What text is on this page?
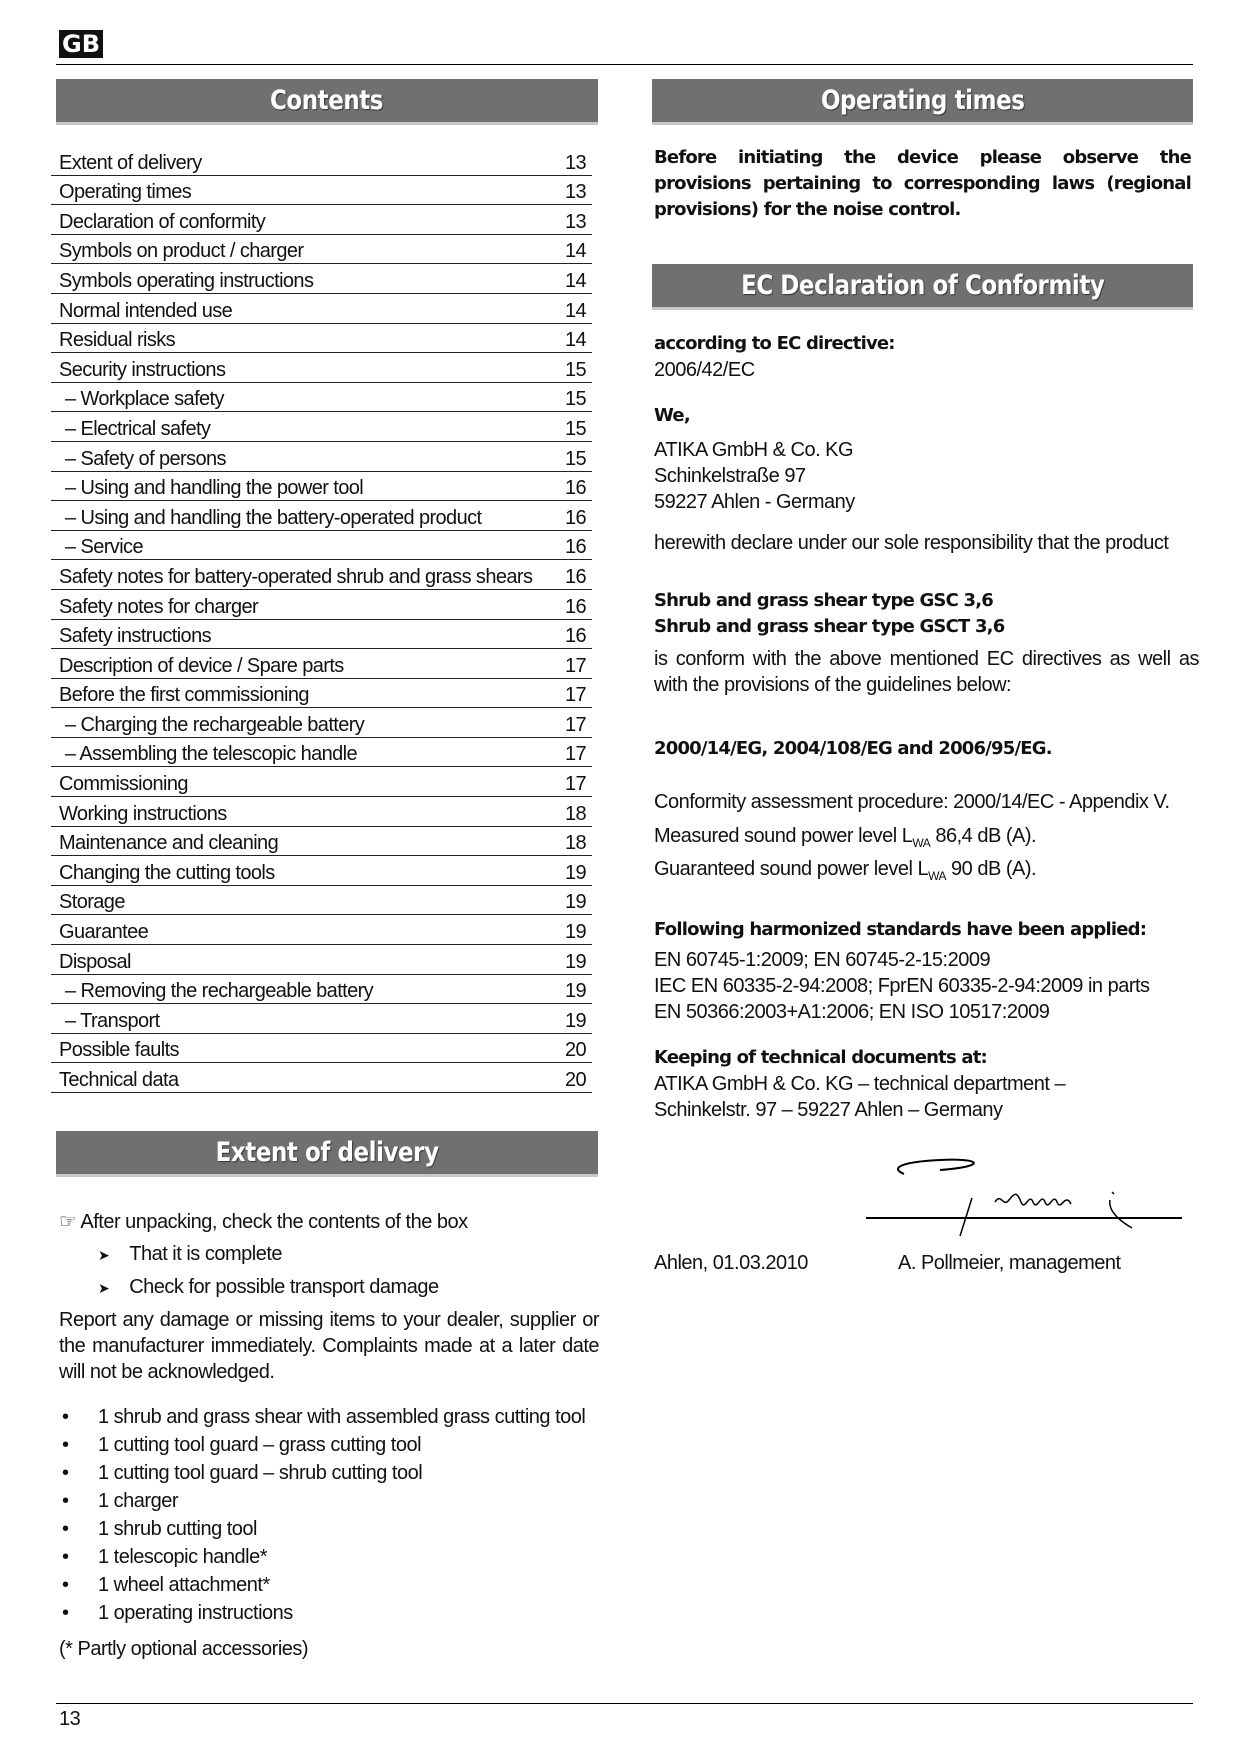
GB
Contents
Extent of delivery	13
Operating times	13
Declaration of conformity	13
Symbols on product / charger	14
Symbols operating instructions	14
Normal intended use	14
Residual risks	14
Security instructions	15
– Workplace safety	15
– Electrical safety	15
– Safety of persons	15
– Using and handling the power tool	16
– Using and handling the battery-operated product	16
– Service	16
Safety notes for battery-operated shrub and grass shears 16
Safety notes for charger	16
Safety instructions	16
Description of device / Spare parts	17
Before the first commissioning	17
– Charging the rechargeable battery	17
– Assembling the telescopic handle	17
Commissioning	17
Working instructions	18
Maintenance and cleaning	18
Changing the cutting tools	19
Storage	19
Guarantee	19
Disposal	19
– Removing the rechargeable battery	19
– Transport	19
Possible faults	20
Technical data	20
Extent of delivery
☞ After unpacking, check the contents of the box
➤ That it is complete
➤ Check for possible transport damage
Report any damage or missing items to your dealer, supplier or the manufacturer immediately. Complaints made at a later date will not be acknowledged.
• 1 shrub and grass shear with assembled grass cutting tool
• 1 cutting tool guard – grass cutting tool
• 1 cutting tool guard – shrub cutting tool
• 1 charger
• 1 shrub cutting tool
• 1 telescopic handle*
• 1 wheel attachment*
• 1 operating instructions
(* Partly optional accessories)
Operating times
Before initiating the device please observe the provisions pertaining to corresponding laws (regional provisions) for the noise control.
EC Declaration of Conformity
according to EC directive:
2006/42/EC
We,
ATIKA GmbH & Co. KG
Schinkelstraße 97
59227 Ahlen - Germany
herewith declare under our sole responsibility that the product
Shrub and grass shear type GSC 3,6
Shrub and grass shear type GSCT 3,6
is conform with the above mentioned EC directives as well as with the provisions of the guidelines below:
2000/14/EG, 2004/108/EG and 2006/95/EG.
Conformity assessment procedure: 2000/14/EC - Appendix V.
Measured sound power level $L_{WA}$ 86,4 dB (A).
Guaranteed sound power level $L_{WA}$ 90 dB (A).
Following harmonized standards have been applied:
EN 60745-1:2009; EN 60745-2-15:2009
IEC EN 60335-2-94:2008; FprEN 60335-2-94:2009 in parts
EN 50366:2003+A1:2006; EN ISO 10517:2009
Keeping of technical documents at:
ATIKA GmbH & Co. KG – technical department –
Schinkelstr. 97 – 59227 Ahlen – Germany
Ahlen, 01.03.2010	A. Pollmeier, management
13
